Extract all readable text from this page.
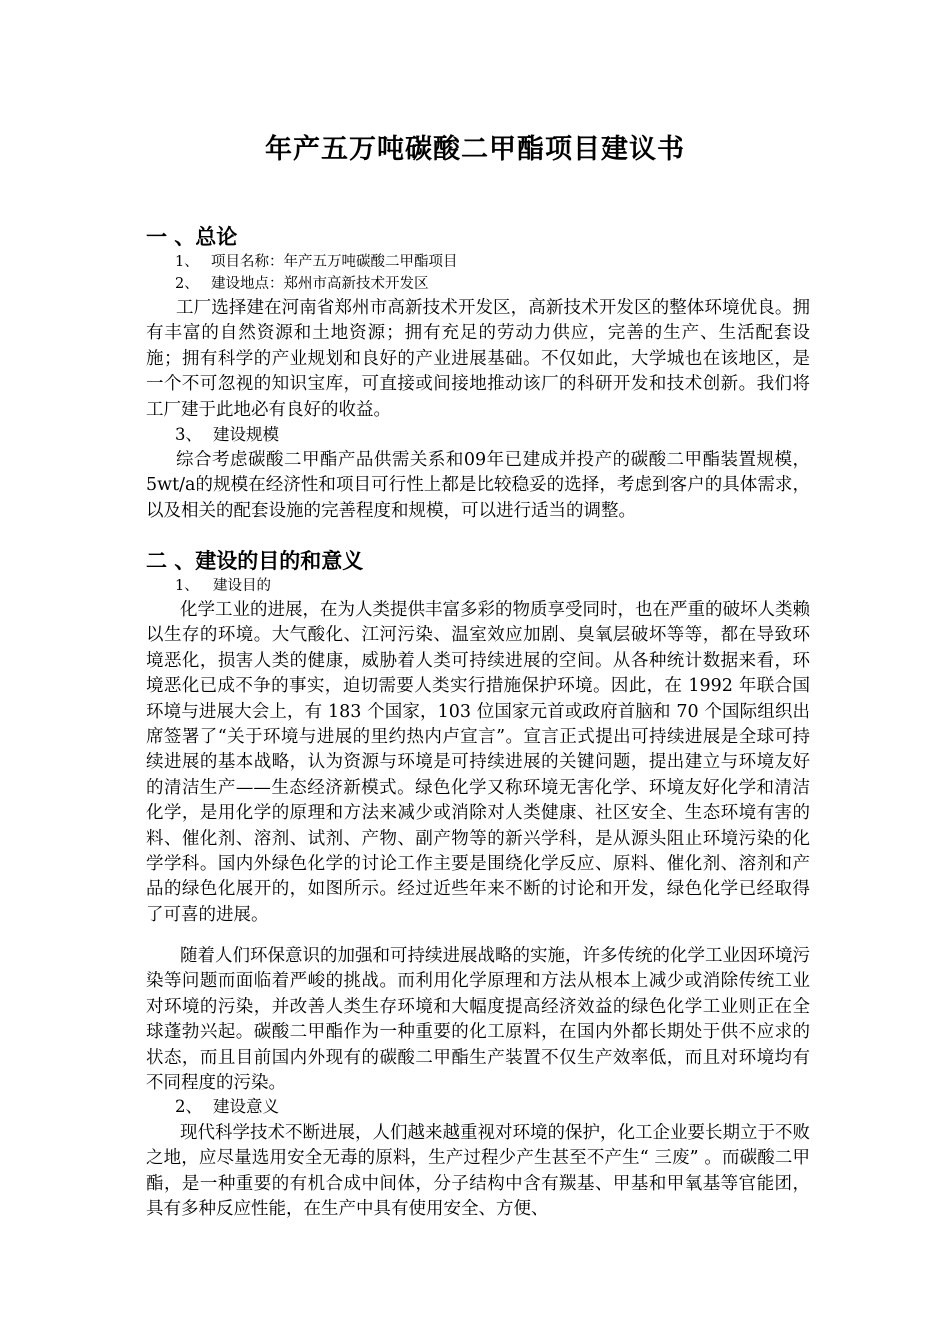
年产五万吨碳酸二甲酯项目建议书
一 、总论
1、 项目名称：年产五万吨碳酸二甲酯项目
2、 建设地点：郑州市高新技术开发区
工厂选择建在河南省郑州市高新技术开发区，高新技术开发区的整体环境优良。拥有丰富的自然资源和土地资源；拥有充足的劳动力供应，完善的生产、生活配套设施；拥有科学的产业规划和良好的产业进展基础。不仅如此，大学城也在该地区，是一个不可忽视的知识宝库，可直接或间接地推动该厂的科研开发和技术创新。我们将工厂建于此地必有良好的收益。
3、 建设规模
综合考虑碳酸二甲酯产品供需关系和09年已建成并投产的碳酸二甲酯装置规模，5wt/a的规模在经济性和项目可行性上都是比较稳妥的选择，考虑到客户的具体需求，以及相关的配套设施的完善程度和规模，可以进行适当的调整。
二 、建设的目的和意义
1、 建设目的
化学工业的进展，在为人类提供丰富多彩的物质享受同时，也在严重的破坏人类赖以生存的环境。大气酸化、江河污染、温室效应加剧、臭氧层破坏等等，都在导致环境恶化，损害人类的健康，威胁着人类可持续进展的空间。从各种统计数据来看，环境恶化已成不争的事实，迫切需要人类实行措施保护环境。因此，在 1992 年联合国环境与进展大会上，有 183 个国家，103 位国家元首或政府首脑和 70 个国际组织出席签署了“关于环境与进展的里约热内卢宣言”。宣言正式提出可持续进展是全球可持续进展的基本战略，认为资源与环境是可持续进展的关键问题，提出建立与环境友好的清洁生产——生态经济新模式。绿色化学又称环境无害化学、环境友好化学和清洁化学，是用化学的原理和方法来减少或消除对人类健康、社区安全、生态环境有害的料、催化剂、溶剂、试剂、产物、副产物等的新兴学科，是从源头阻止环境污染的化学学科。国内外绿色化学的讨论工作主要是围绕化学反应、原料、催化剂、溶剂和产品的绿色化展开的，如图所示。经过近些年来不断的讨论和开发，绿色化学已经取得了可喜的进展。
随着人们环保意识的加强和可持续进展战略的实施，许多传统的化学工业因环境污染等问题而面临着严峻的挑战。而利用化学原理和方法从根本上减少或消除传统工业对环境的污染，并改善人类生存环境和大幅度提高经济效益的绿色化学工业则正在全球蓬勃兴起。碳酸二甲酯作为一种重要的化工原料，在国内外都长期处于供不应求的状态，而且目前国内外现有的碳酸二甲酯生产装置不仅生产效率低，而且对环境均有不同程度的污染。
2、 建设意义
现代科学技术不断进展，人们越来越重视对环境的保护，化工企业要长期立于不败之地，应尽量选用安全无毒的原料，生产过程少产生甚至不产生“ 三废” 。而碳酸二甲酯，是一种重要的有机合成中间体，分子结构中含有羰基、甲基和甲氧基等官能团，具有多种反应性能，在生产中具有使用安全、方便、
